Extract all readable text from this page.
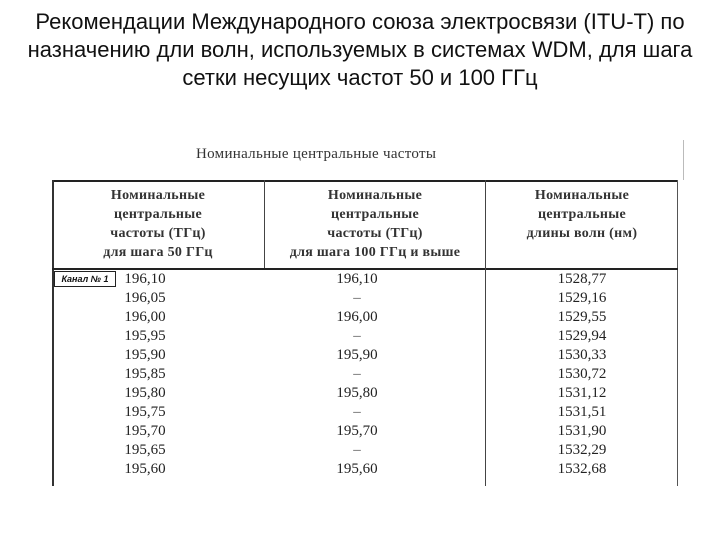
Рекомендации Международного союза электросвязи (ITU-T) по назначению дли волн, используемых в системах WDM, для шага сетки несущих частот 50 и 100 ГГц
Номинальные центральные частоты
Номинальные
центральные
частоты (ТГц)
для шага 50 ГГц
Номинальные
центральные
частоты (ТГц)
для шага 100 ГГц и выше
Номинальные
центральные
длины волн (нм)
Канал № 1	196,10
196,05
196,00
195,95
195,90
195,85
195,80
195,75
195,70
195,65
195,60
196,10
–
196,00
–
195,90
–
195,80
–
195,70
–
195,60
1528,77
1529,16
1529,55
1529,94
1530,33
1530,72
1531,12
1531,51
1531,90
1532,29
1532,68
